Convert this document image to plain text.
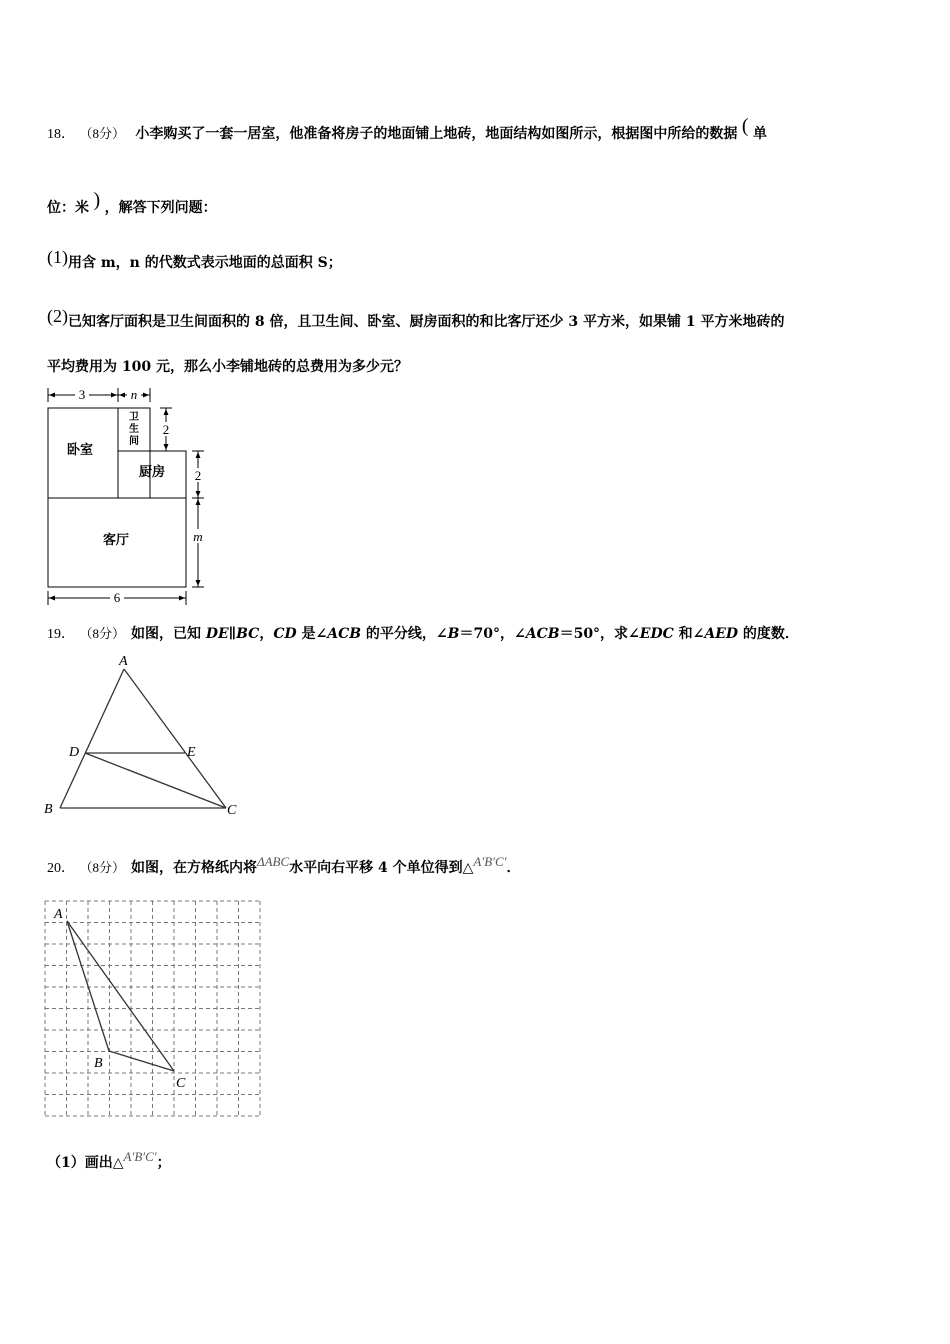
18． （8分） 小李购买了一套一居室，他准备将房子的地面铺上地砖，地面结构如图所示，根据图中所给的数据 ( 单
位：米 ) ，解答下列问题：
(1)用含 m，n 的代数式表示地面的总面积 S；
(2)已知客厅面积是卫生间面积的 8 倍，且卫生间、卧室、厨房面积的和比客厅还少 3 平方米，如果铺 1 平方米地砖的
平均费用为 100 元，那么小李铺地砖的总费用为多少元？
3	n
6
2
2
m
卧室
卫
生
间
厨房
客厅
19． （8分） 如图，已知 DE∥BC，CD 是∠ACB 的平分线，∠B＝70°，∠ACB＝50°，求∠EDC 和∠AED 的度数．
A
B	C
D	E
20． （8分） 如图，在方格纸内将ΔABC水平向右平移 4 个单位得到△A′B′C′．
A
B
C
（1）画出△A′B′C′；
